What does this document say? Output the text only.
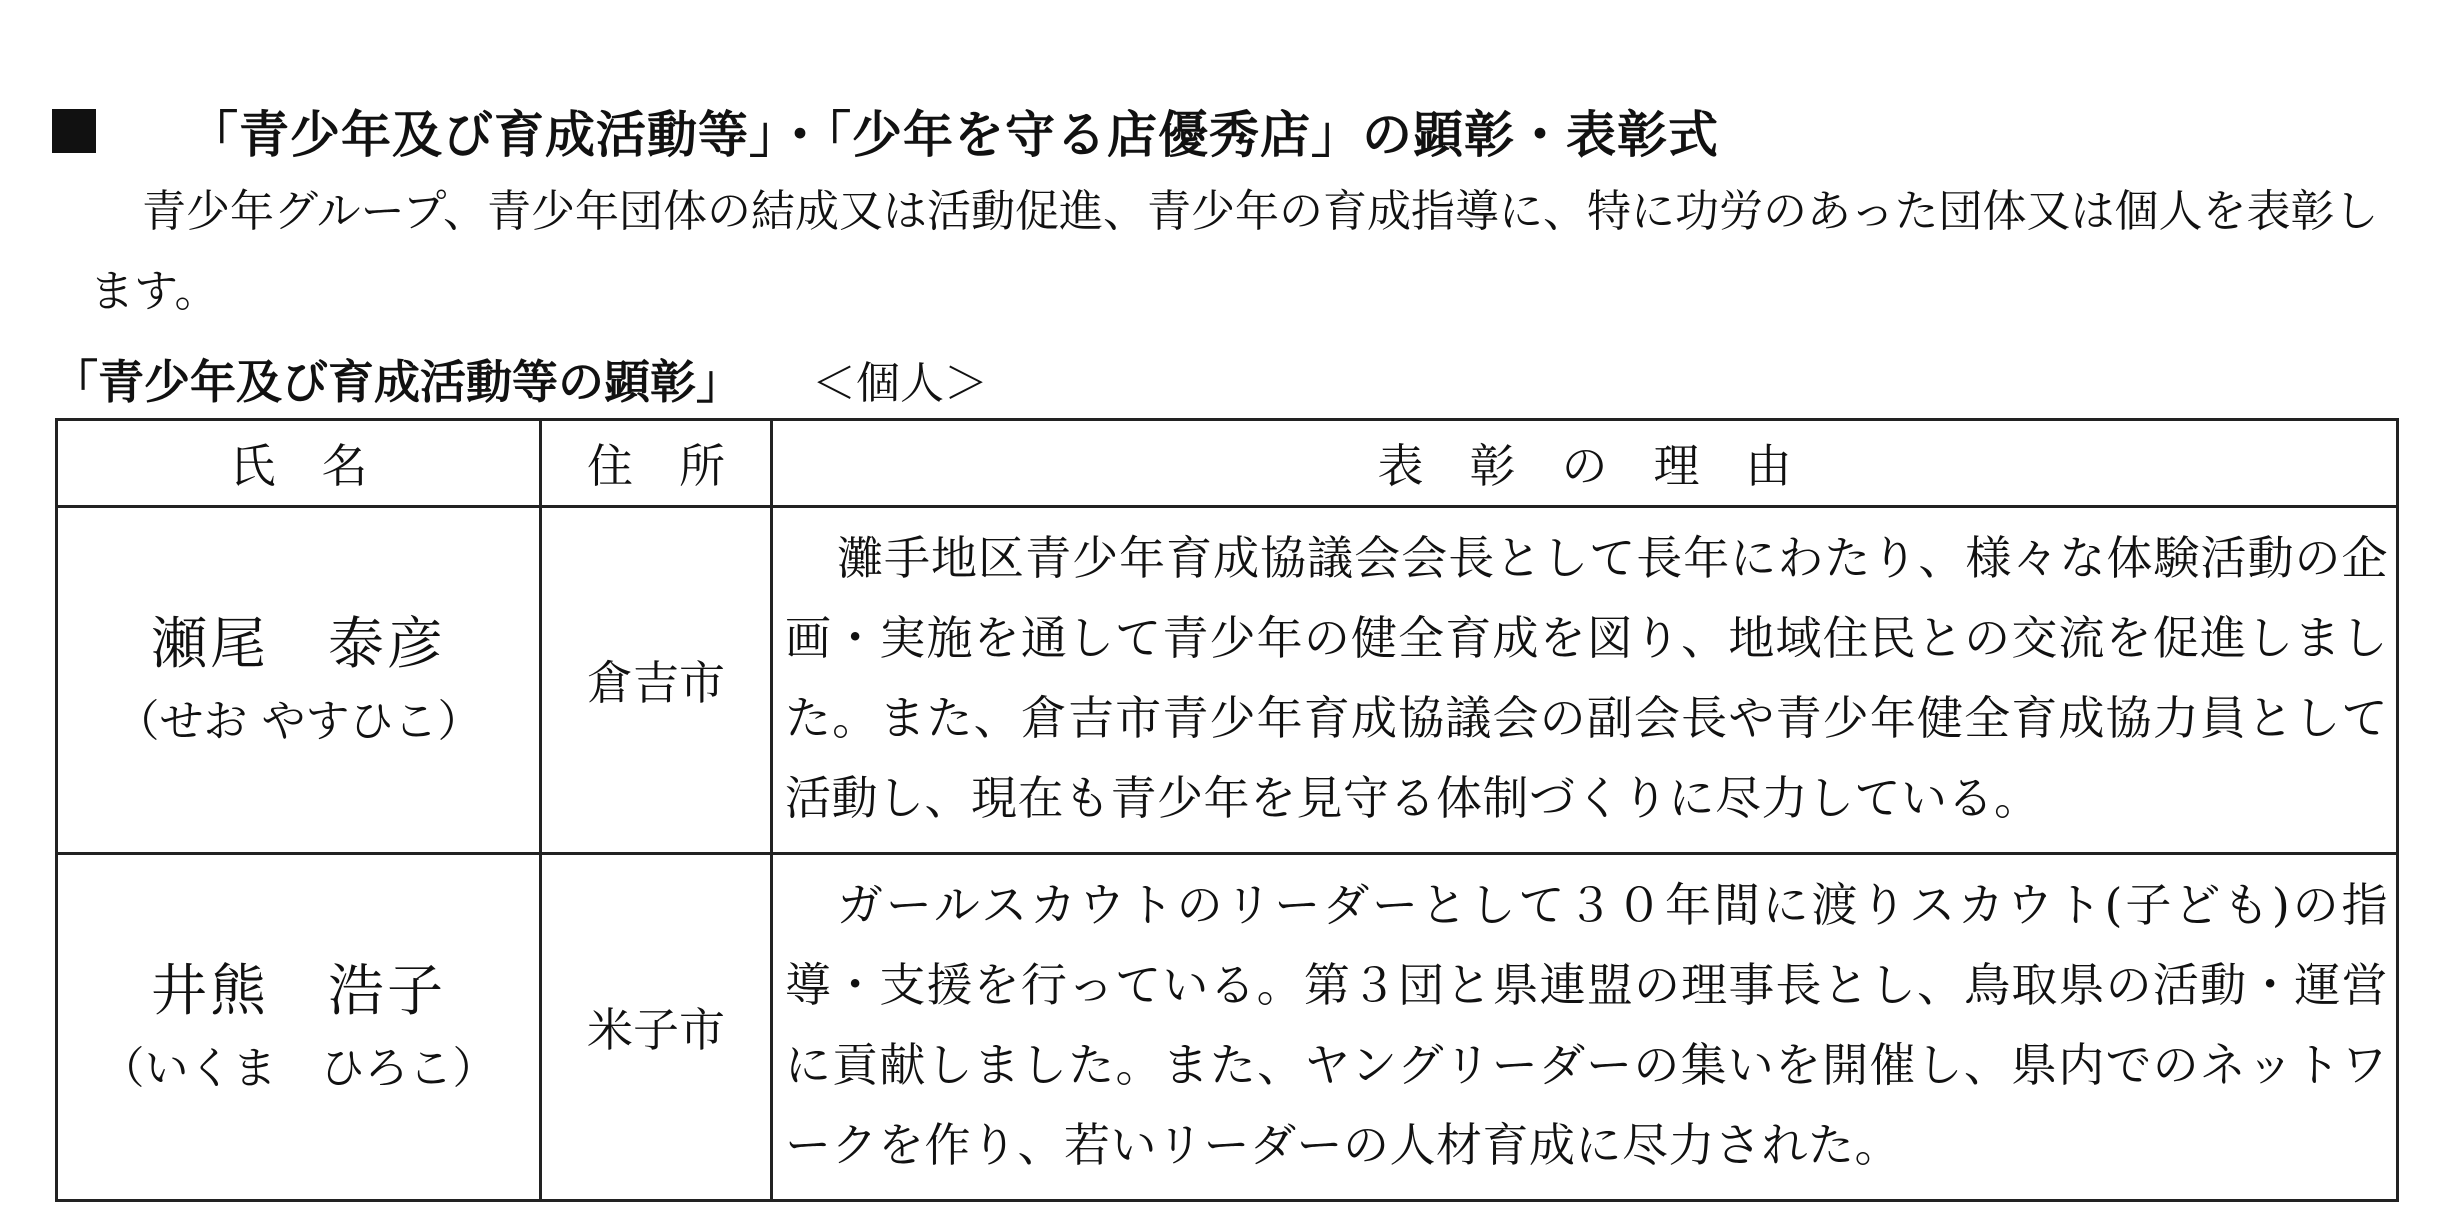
「青少年及び育成活動等」・「少年を守る店優秀店」の顕彰・表彰式
青少年グループ、青少年団体の結成又は活動促進、青少年の育成指導に、特に功労のあった団体又は個人を表彰します。
「青少年及び育成活動等の顕彰」 ＜個人＞
氏　名	住　所	表　彰　の　理　由

瀬尾　泰彦
（せお やすひこ）	倉吉市	灘手地区青少年育成協議会会長として長年にわたり、様々な体験活動の企画・実施を通して青少年の健全育成を図り、地域住民との交流を促進しました。また、倉吉市青少年育成協議会の副会長や青少年健全育成協力員として活動し、現在も青少年を見守る体制づくりに尽力している。

井熊　浩子
（いくま　ひろこ）	米子市	ガールスカウトのリーダーとして３０年間に渡りスカウト(子ども)の指導・支援を行っている。第３団と県連盟の理事長とし、鳥取県の活動・運営に貢献しました。また、ヤングリーダーの集いを開催し、県内でのネットワークを作り、若いリーダーの人材育成に尽力された。
